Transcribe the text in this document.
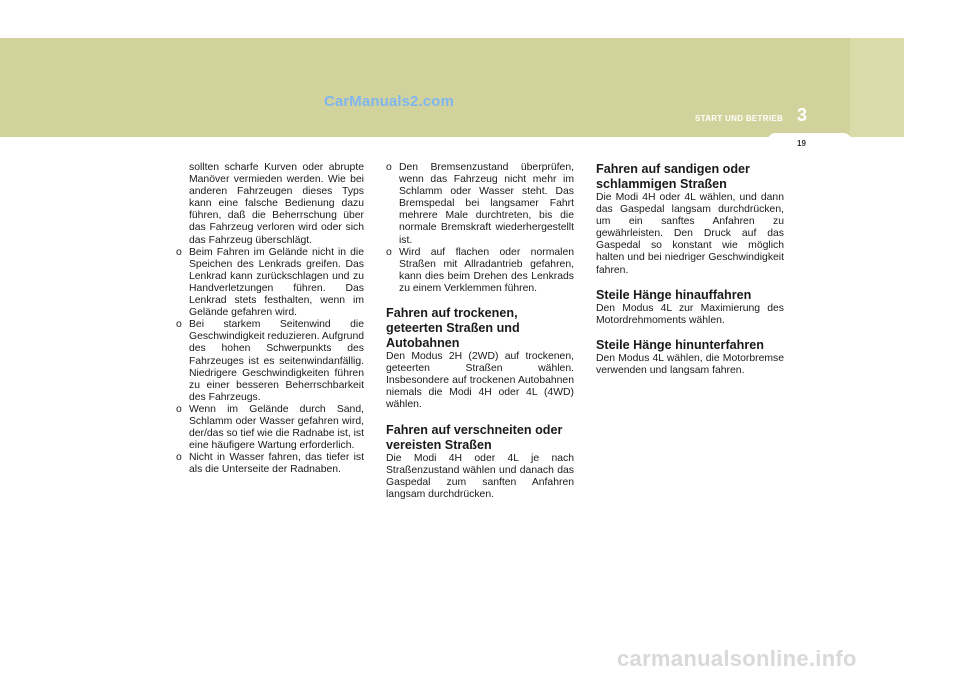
CarManuals2.com
START UND BETRIEB 3
19

sollten scharfe Kurven oder abrupte Manöver vermieden werden. Wie bei anderen Fahrzeugen dieses Typs kann eine falsche Bedienung dazu führen, daß die Beherrschung über das Fahrzeug verloren wird oder sich das Fahrzeug überschlägt.

o Beim Fahren im Gelände nicht in die Speichen des Lenkrads greifen. Das Lenkrad kann zurückschlagen und zu Handverletzungen führen. Das Lenkrad stets festhalten, wenn im Gelände gefahren wird.
o Bei starkem Seitenwind die Geschwindigkeit reduzieren. Aufgrund des hohen Schwerpunkts des Fahrzeuges ist es seitenwindanfällig. Niedrigere Geschwindigkeiten führen zu einer besseren Beherrschbarkeit des Fahrzeugs.
o Wenn im Gelände durch Sand, Schlamm oder Wasser gefahren wird, der/das so tief wie die Radnabe ist, ist eine häufigere Wartung erforderlich.
o Nicht in Wasser fahren, das tiefer ist als die Unterseite der Radnaben.
o Den Bremsenzustand überprüfen, wenn das Fahrzeug nicht mehr im Schlamm oder Wasser steht. Das Bremspedal bei langsamer Fahrt mehrere Male durchtreten, bis die normale Bremskraft wiederhergestellt ist.
o Wird auf flachen oder normalen Straßen mit Allradantrieb gefahren, kann dies beim Drehen des Lenkrads zu einem Verklemmen führen.

Fahren auf trockenen, geteerten Straßen und Autobahnen

Den Modus 2H (2WD) auf trockenen, geteerten Straßen wählen. Insbesondere auf trockenen Autobahnen niemals die Modi 4H oder 4L (4WD) wählen.

Fahren auf verschneiten oder vereisten Straßen

Die Modi 4H oder 4L je nach Straßenzustand wählen und danach das Gaspedal zum sanften Anfahren langsam durchdrücken.

Fahren auf sandigen oder schlammigen Straßen

Die Modi 4H oder 4L wählen, und dann das Gaspedal langsam durchdrücken, um ein sanftes Anfahren zu gewährleisten. Den Druck auf das Gaspedal so konstant wie möglich halten und bei niedriger Geschwindigkeit fahren.

Steile Hänge hinauffahren

Den Modus 4L zur Maximierung des Motordrehmoments wählen.

Steile Hänge hinunterfahren

Den Modus 4L wählen, die Motorbremse verwenden und langsam fahren.

carmanualsonline.info
